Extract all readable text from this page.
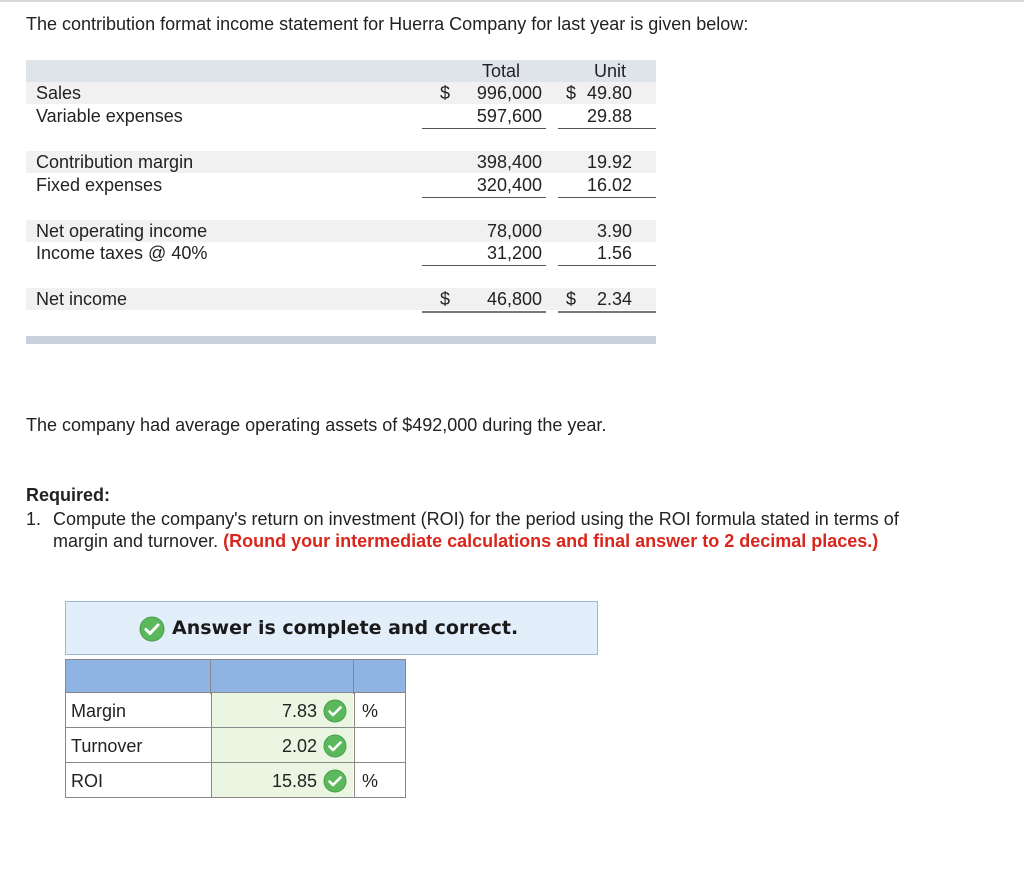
The contribution format income statement for Huerra Company for last year is given below:
Total	Unit
Sales	$	996,000 $ 49.80
Variable expenses	597,600 29.88
Contribution margin	398,400 19.92
Fixed expenses	320,400 16.02
Net operating income	78,000	3.90
Income taxes @ 40%	31,200	1.56
Net income	$	46,800 $	2.34
The company had average operating assets of $492,000 during the year.
Required:
1. Compute the company's return on investment (ROI) for the period using the ROI formula stated in terms of margin and turnover. (Round your intermediate calculations and final answer to 2 decimal places.)
Answer is complete and correct.
Margin	7.83	%
Turnover	2.02
ROI	15.85	%
